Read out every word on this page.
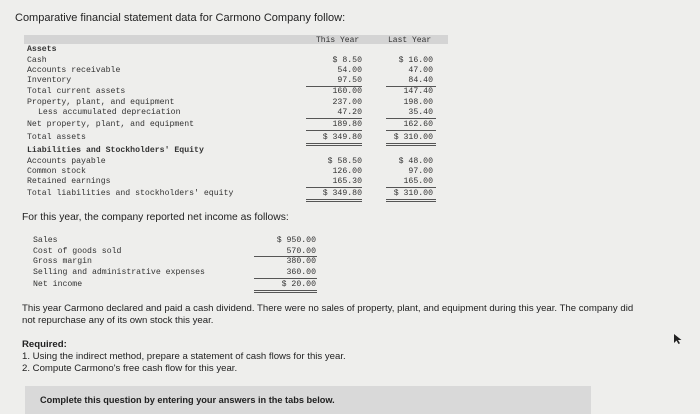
Comparative financial statement data for Carmono Company follow:
This Year	Last Year
Assets
Cash	$ 8.50	$ 16.00
Accounts receivable	54.00	47.00
Inventory	97.50	84.40
Total current assets	160.00	147.40
Property, plant, and equipment	237.00	198.00
Less accumulated depreciation	47.20	35.40
Net property, plant, and equipment	189.80	162.60
Total assets	$ 349.80	$ 310.00
Liabilities and Stockholders' Equity
Accounts payable	$ 58.50	$ 48.00
Common stock	126.00	97.00
Retained earnings	165.30	165.00
Total liabilities and stockholders' equity	$ 349.80	$ 310.00
For this year, the company reported net income as follows:
Sales	$ 950.00
Cost of goods sold	570.00
Gross margin	380.00
Selling and administrative expenses	360.00
Net income	$ 20.00
This year Carmono declared and paid a cash dividend. There were no sales of property, plant, and equipment during this year. The company did not repurchase any of its own stock this year.
Required:
1. Using the indirect method, prepare a statement of cash flows for this year.
2. Compute Carmono's free cash flow for this year.
Complete this question by entering your answers in the tabs below.
